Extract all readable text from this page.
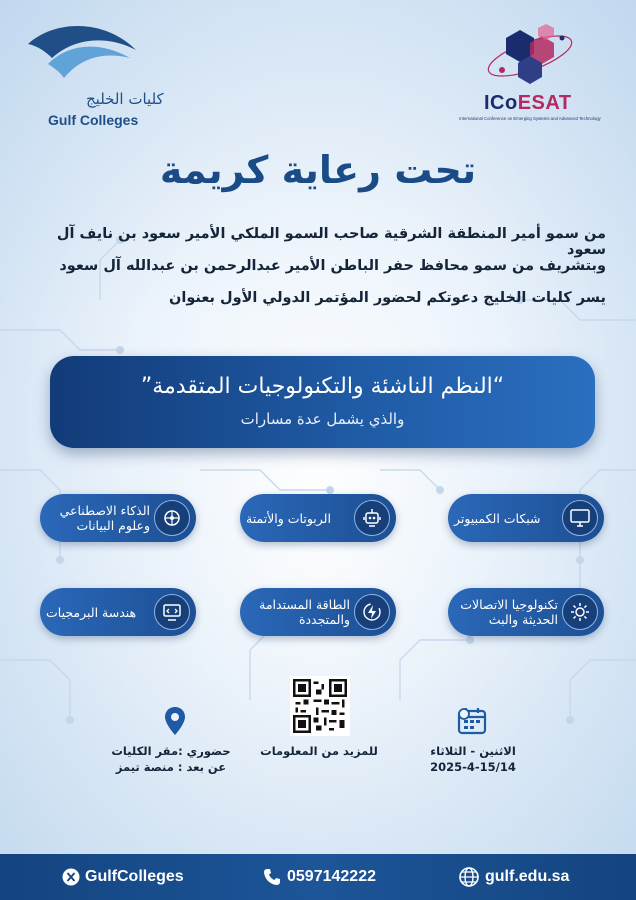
كليات الخليج
Gulf Colleges
ICoESAT
International Conference on Emerging Systems and Advanced Technology
تحت رعاية كريمة
من سمو أمير المنطقة الشرقية صاحب السمو الملكي الأمير سعود بن نايف آل سعود
وبتشريف من سمو محافظ حفر الباطن الأمير عبدالرحمن بن عبدالله آل سعود
يسر كليات الخليج دعوتكم لحضور المؤتمر الدولي الأول بعنوان
“النظم الناشئة والتكنولوجيات المتقدمة”
والذي يشمل عدة مسارات
شبكات الكمبيوتر
الربوتات والأتمتة
الذكاء الاصطناعي وعلوم البيانات
تكنولوجيا الاتصالات الحديثة والبث
الطاقة المستدامة والمتجددة
هندسة البرمجيات
الاثنين - الثلاثاء
2025-4-15/14
للمزيد من المعلومات
حضوري :مقر الكليات
عن بعد : منصة تيمز
GulfColleges	0597142222	gulf.edu.sa
